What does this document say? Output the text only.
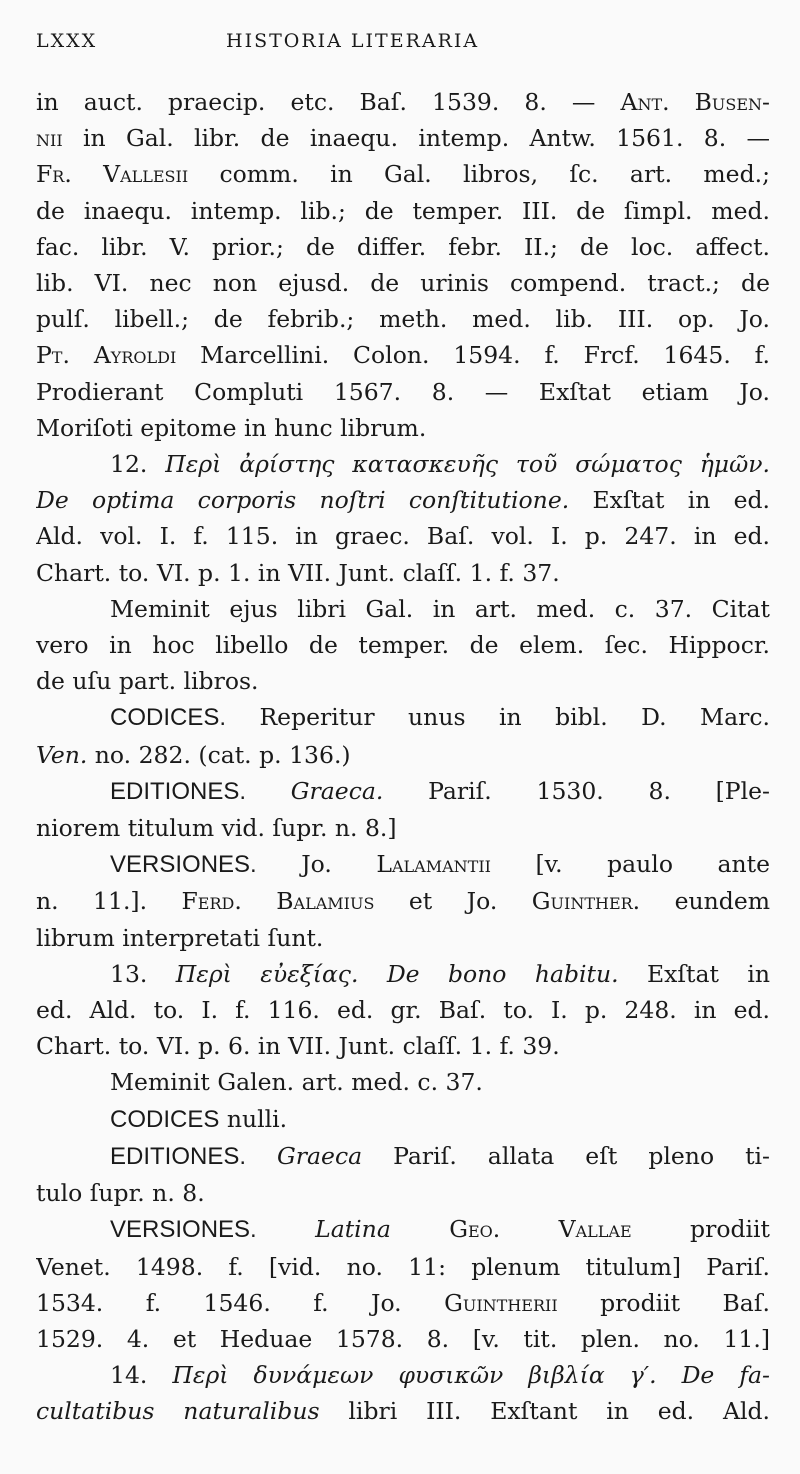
LXXX	HISTORIA LITERARIA
in auct. praecip. etc. Baſ. 1539. 8. — Ant. Busen-
nii in Gal. libr. de inaequ. intemp. Antw. 1561. 8. —
Fr. Vallesii comm. in Gal. libros, ſc. art. med.;
de inaequ. intemp. lib.; de temper. III. de ſimpl. med.
fac. libr. V. prior.; de differ. febr. II.; de loc. affect.
lib. VI. nec non ejusd. de urinis compend. tract.; de
pulſ. libell.; de febrib.; meth. med. lib. III. op. Jo.
Pt. Ayroldi Marcellini. Colon. 1594. f. Frcf. 1645. f.
Prodierant Compluti 1567. 8. — Exſtat etiam Jo.
Moriſoti epitome in hunc librum.
12. Περὶ ἀρίστης κατασκευῆς τοῦ σώματος ἡμῶν.
De optima corporis noſtri conſtitutione. Exſtat in ed.
Ald. vol. I. f. 115. in graec. Baſ. vol. I. p. 247. in ed.
Chart. to. VI. p. 1. in VII. Junt. claſſ. 1. f. 37.
Meminit ejus libri Gal. in art. med. c. 37. Citat
vero in hoc libello de temper. de elem. ſec. Hippocr.
de uſu part. libros.
CODICES. Reperitur unus in bibl. D. Marc.
Ven. no. 282. (cat. p. 136.)
EDITIONES. Graeca. Pariſ. 1530. 8. [Ple-
niorem titulum vid. ſupr. n. 8.]
VERSIONES. Jo. Lalamantii [v. paulo ante
n. 11.]. Ferd. Balamius et Jo. Guinther. eundem
librum interpretati ſunt.
13. Περὶ εὐεξίας. De bono habitu. Exſtat in
ed. Ald. to. I. f. 116. ed. gr. Baſ. to. I. p. 248. in ed.
Chart. to. VI. p. 6. in VII. Junt. claſſ. 1. f. 39.
Meminit Galen. art. med. c. 37.
CODICES nulli.
EDITIONES. Graeca Pariſ. allata eſt pleno ti-
tulo ſupr. n. 8.
VERSIONES. Latina Geo. Vallae prodiit
Venet. 1498. f. [vid. no. 11: plenum titulum] Pariſ.
1534. f. 1546. f. Jo. Guintherii prodiit Baſ.
1529. 4. et Heduae 1578. 8. [v. tit. plen. no. 11.]
14. Περὶ δυνάμεων φυσικῶν βιβλία γ′. De fa-
cultatibus naturalibus libri III. Exſtant in ed. Ald.
